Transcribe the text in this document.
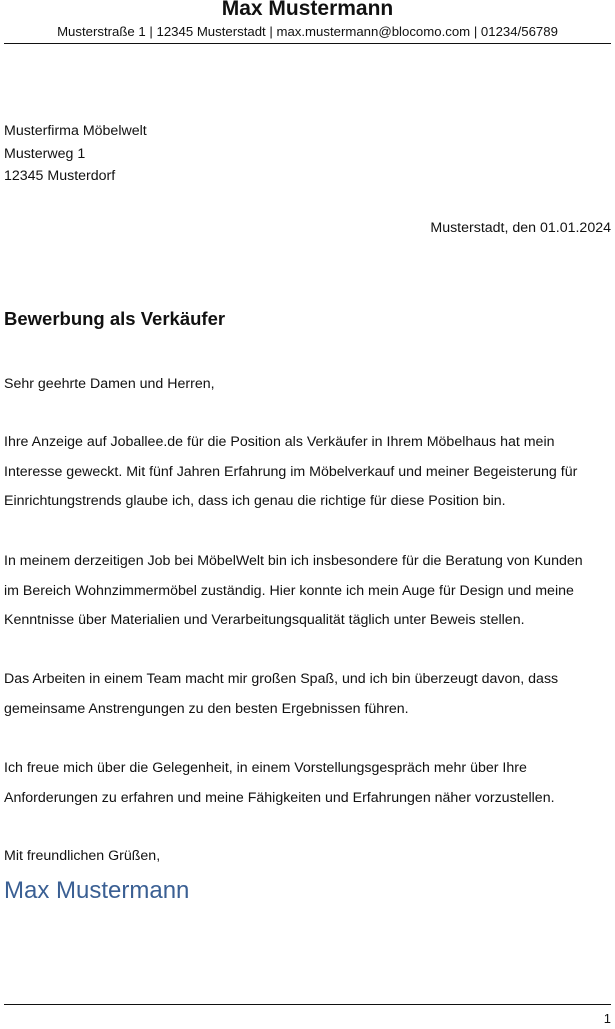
Max Mustermann
Musterstraße 1 | 12345 Musterstadt | max.mustermann@blocomo.com | 01234/56789
Musterfirma Möbelwelt
Musterweg 1
12345 Musterdorf
Musterstadt, den 01.01.2024
Bewerbung als Verkäufer
Sehr geehrte Damen und Herren,
Ihre Anzeige auf Joballee.de für die Position als Verkäufer in Ihrem Möbelhaus hat mein
Interesse geweckt. Mit fünf Jahren Erfahrung im Möbelverkauf und meiner Begeisterung für
Einrichtungstrends glaube ich, dass ich genau die richtige für diese Position bin.
In meinem derzeitigen Job bei MöbelWelt bin ich insbesondere für die Beratung von Kunden
im Bereich Wohnzimmermöbel zuständig. Hier konnte ich mein Auge für Design und meine
Kenntnisse über Materialien und Verarbeitungsqualität täglich unter Beweis stellen.
Das Arbeiten in einem Team macht mir großen Spaß, und ich bin überzeugt davon, dass
gemeinsame Anstrengungen zu den besten Ergebnissen führen.
Ich freue mich über die Gelegenheit, in einem Vorstellungsgespräch mehr über Ihre
Anforderungen zu erfahren und meine Fähigkeiten und Erfahrungen näher vorzustellen.
Mit freundlichen Grüßen,
Max Mustermann
1
